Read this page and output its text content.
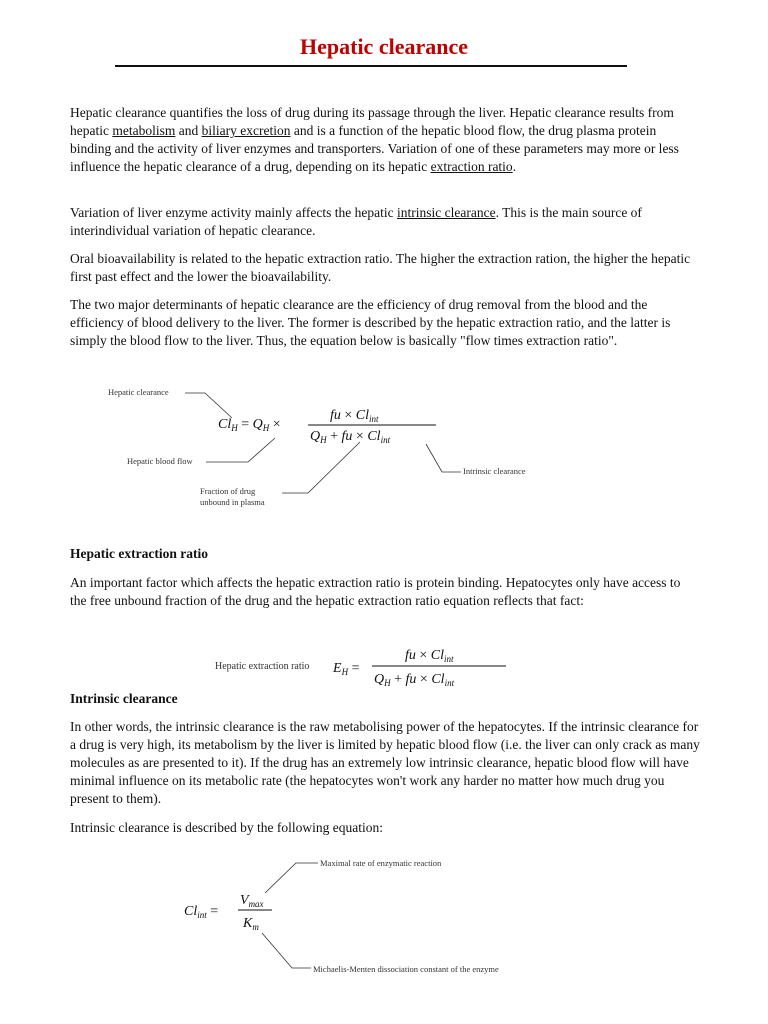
Hepatic clearance

Hepatic clearance quantifies the loss of drug during its passage through the liver. Hepatic clearance results from hepatic metabolism and biliary excretion and is a function of the hepatic blood flow, the drug plasma protein binding and the activity of liver enzymes and transporters. Variation of one of these parameters may more or less influence the hepatic clearance of a drug, depending on its hepatic extraction ratio.

Variation of liver enzyme activity mainly affects the hepatic intrinsic clearance. This is the main source of interindividual variation of hepatic clearance.

Oral bioavailability is related to the hepatic extraction ratio. The higher the extraction ration, the higher the hepatic first past effect and the lower the bioavailability.

The two major determinants of hepatic clearance are the efficiency of drug removal from the blood and the efficiency of blood delivery to the liver. The former is described by the hepatic extraction ratio, and the latter is simply the blood flow to the liver. Thus, the equation below is basically "flow times extraction ratio".

Hepatic clearance
$Cl_H = Q_H$ ×
fu × $Cl_{int}$
$Q_H$ + fu × $Cl_{int}$
Hepatic blood flow
Fraction of drug
unbound in plasma
Intrinsic clearance
Hepatic extraction ratio

An important factor which affects the hepatic extraction ratio is protein binding. Hepatocytes only have access to the free unbound fraction of the drug and the hepatic extraction ratio equation reflects that fact:

Hepatic extraction ratio $E_H$ =
fu × $Cl_{int}$
$Q_H$ + fu × $Cl_{int}$
Intrinsic clearance

In other words, the intrinsic clearance is the raw metabolising power of the hepatocytes. If the intrinsic clearance for a drug is very high, its metabolism by the liver is limited by hepatic blood flow (i.e. the liver can only crack as many molecules as are presented to it). If the drug has an extremely low intrinsic clearance, hepatic blood flow will have minimal influence on its metabolic rate (the hepatocytes won't work any harder no matter how much drug you present to them).

Intrinsic clearance is described by the following equation:

Maximal rate of enzymatic reaction
$Cl_{int}$ =
$V_{max}$
$K_m$
Michaelis-Menten dissociation constant of the enzyme
